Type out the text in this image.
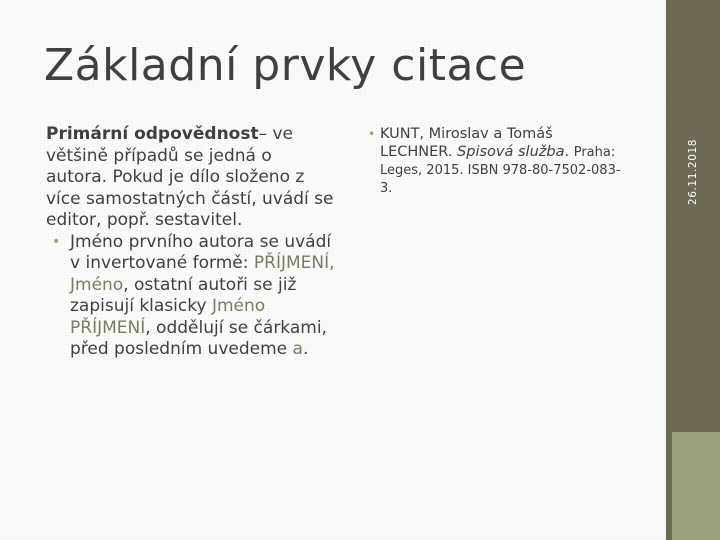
Základní prvky citace

Primární odpovědnost– ve většině případů se jedná o autora. Pokud je dílo složeno z více samostatných částí, uvádí se editor, popř. sestavitel.

• Jméno prvního autora se uvádí v invertované formě: PŘÍJMENÍ, Jméno, ostatní autoři se již zapisují klasicky Jméno PŘÍJMENÍ, oddělují se čárkami, před posledním uvedeme a.
• KUNT, Miroslav a Tomáš LECHNER. Spisová služba. Praha: Leges, 2015. ISBN 978-80-7502-083-3.	26.11.2018
